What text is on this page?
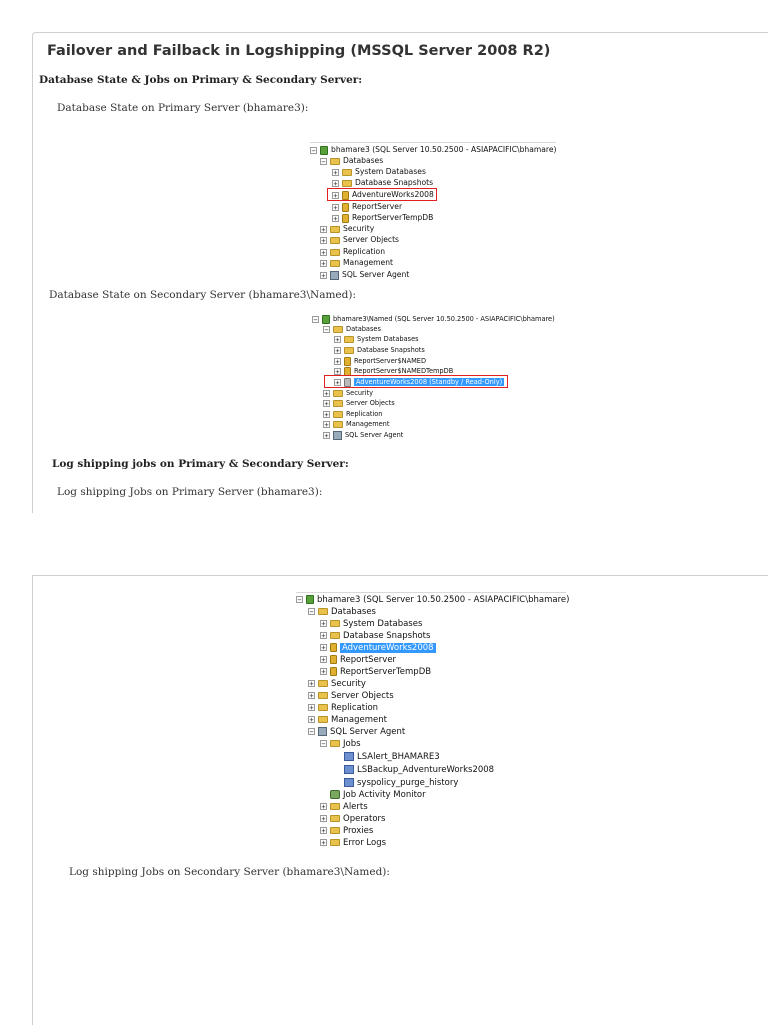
Failover and Failback in Logshipping (MSSQL Server 2008 R2)
Database State & Jobs on Primary & Secondary Server:
Database State on Primary Server (bhamare3):
− bhamare3 (SQL Server 10.50.2500 - ASIAPACIFIC\bhamare)
− Databases
+ System Databases
+ Database Snapshots
+ AdventureWorks2008
+ ReportServer
+ ReportServerTempDB
+ Security
+ Server Objects
+ Replication
+ Management
+ SQL Server Agent
Database State on Secondary Server (bhamare3\Named):
− bhamare3\Named (SQL Server 10.50.2500 - ASIAPACIFIC\bhamare)
−	Databases
+	System Databases
+	Database Snapshots
+ ReportServer$NAMED
+ ReportServer$NAMEDTempDB
+ AdventureWorks2008 (Standby / Read-Only)
+	Security
+	Server Objects
+	Replication
+	Management
+ SQL Server Agent
Log shipping jobs on Primary & Secondary Server:
Log shipping Jobs on Primary Server (bhamare3):
− bhamare3 (SQL Server 10.50.2500 - ASIAPACIFIC\bhamare)
− Databases
+ System Databases
+ Database Snapshots
+ AdventureWorks2008
+ ReportServer
+ ReportServerTempDB
+ Security
+ Server Objects
+ Replication
+ Management
− SQL Server Agent
− Jobs
LSAlert_BHAMARE3
LSBackup_AdventureWorks2008
syspolicy_purge_history
Job Activity Monitor
+ Alerts
+ Operators
+ Proxies
+ Error Logs
Log shipping Jobs on Secondary Server (bhamare3\Named):
